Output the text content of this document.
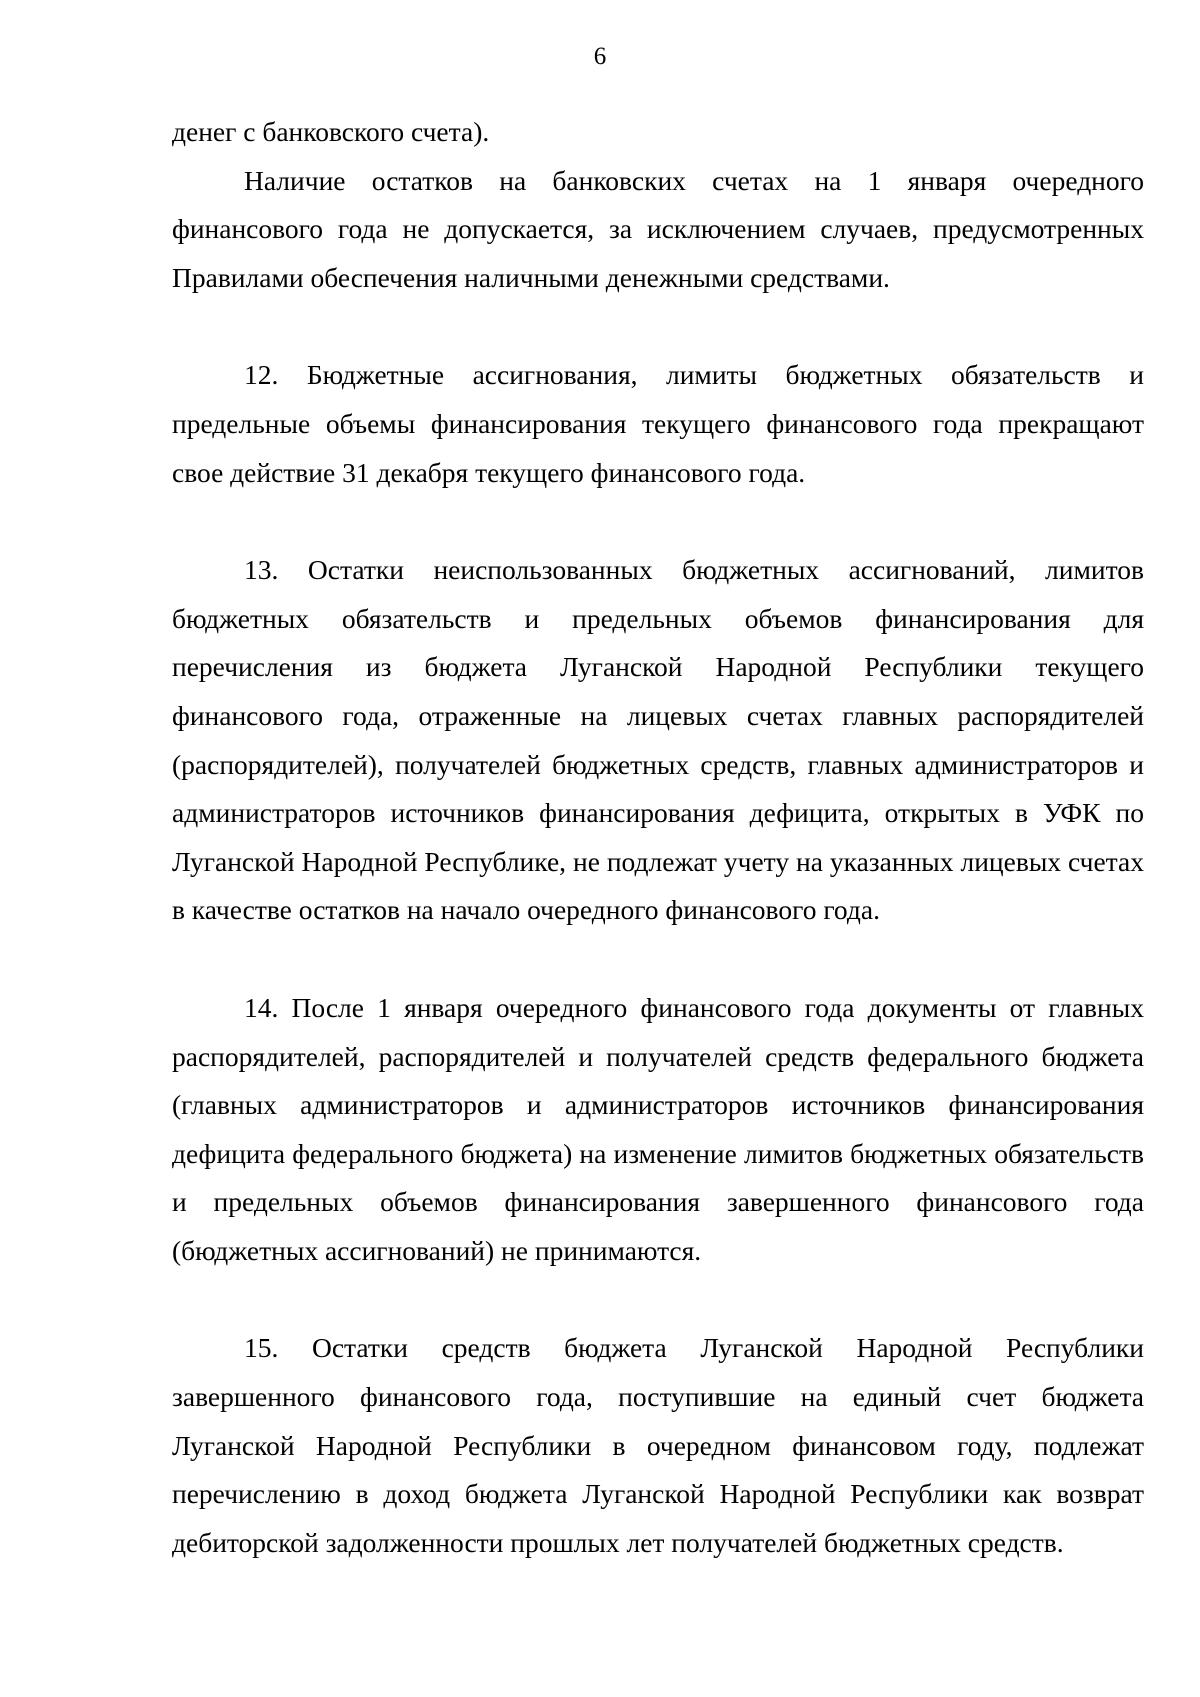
6

денег с банковского счета).

Наличие остатков на банковских счетах на 1 января очередного финансового года не допускается, за исключением случаев, предусмотренных Правилами обеспечения наличными денежными средствами.

12. Бюджетные ассигнования, лимиты бюджетных обязательств и предельные объемы финансирования текущего финансового года прекращают свое действие 31 декабря текущего финансового года.

13. Остатки неиспользованных бюджетных ассигнований, лимитов бюджетных обязательств и предельных объемов финансирования для перечисления из бюджета Луганской Народной Республики текущего финансового года, отраженные на лицевых счетах главных распорядителей (распорядителей), получателей бюджетных средств, главных администраторов и администраторов источников финансирования дефицита, открытых в УФК по Луганской Народной Республике, не подлежат учету на указанных лицевых счетах в качестве остатков на начало очередного финансового года.

14. После 1 января очередного финансового года документы от главных распорядителей, распорядителей и получателей средств федерального бюджета (главных администраторов и администраторов источников финансирования дефицита федерального бюджета) на изменение лимитов бюджетных обязательств и предельных объемов финансирования завершенного финансового года (бюджетных ассигнований) не принимаются.

15. Остатки средств бюджета Луганской Народной Республики завершенного финансового года, поступившие на единый счет бюджета Луганской Народной Республики в очередном финансовом году, подлежат перечислению в доход бюджета Луганской Народной Республики как возврат дебиторской задолженности прошлых лет получателей бюджетных средств.
